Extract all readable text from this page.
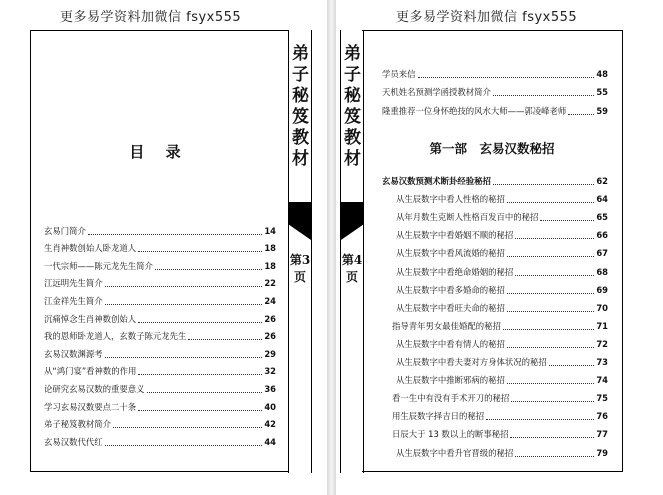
更多易学资料加微信 fsyx555
目 录
玄易门简介	14
生肖神数创始人卧龙道人	18
一代宗师——陈元龙先生简介	18
江远明先生简介	22
江金祥先生简介	24
沉痛悼念生肖神数创始人	26
我的恩师卧龙道人，玄数子陈元龙先生	26
玄易汉数渊源考	29
从“鸿门宴”看神数的作用	32
论研究玄易汉数的重要意义	36
学习玄易汉数要点二十条	40
弟子秘笈教材简介	42
玄易汉数代代红	44
弟子秘笈教材
第3页
更多易学资料加微信 fsyx555
学员来信	48
天机姓名预测学函授教材简介	55
隆重推荐一位身怀绝技的风水大师——郭凌峰老师	59
第一部　玄易汉数秘招
玄易汉数预测术断卦经验秘招	62
从生辰数字中看人性格的秘招	64
从年月数生克断人性格百发百中的秘招	65
从生辰数字中看婚姻不顺的秘招	66
从生辰数字中看风流婚的秘招	67
从生辰数字中看绝命婚姻的秘招	68
从生辰数字中看多婚命的秘招	69
从生辰数字中看旺夫命的秘招	70
指导青年男女最佳婚配的秘招	71
从生辰数字中看有情人的秘招	72
从生辰数字中看夫妻对方身体状况的秘招	73
从生辰数字中推断邪病的秘招	74
看一生中有没有手术开刀的秘招	75
用生辰数字择吉日的秘招	76
日辰大于 13 数以上的断事秘招	77
从生辰数字中看升官晋级的秘招	79
弟子秘笈教材
第4页
